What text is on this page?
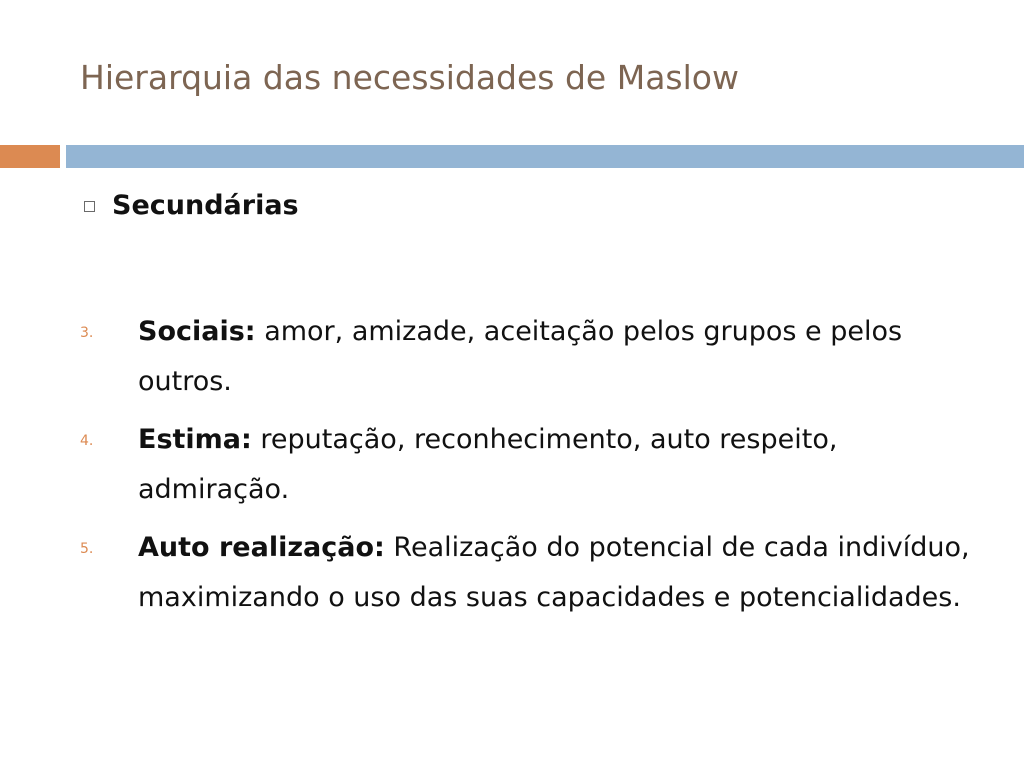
Hierarquia das necessidades de Maslow
Secundárias
3. Sociais: amor, amizade, aceitação pelos grupos e pelos outros.
4. Estima: reputação, reconhecimento, auto respeito, admiração.
5. Auto realização: Realização do potencial de cada indivíduo, maximizando o uso das suas capacidades e potencialidades.
